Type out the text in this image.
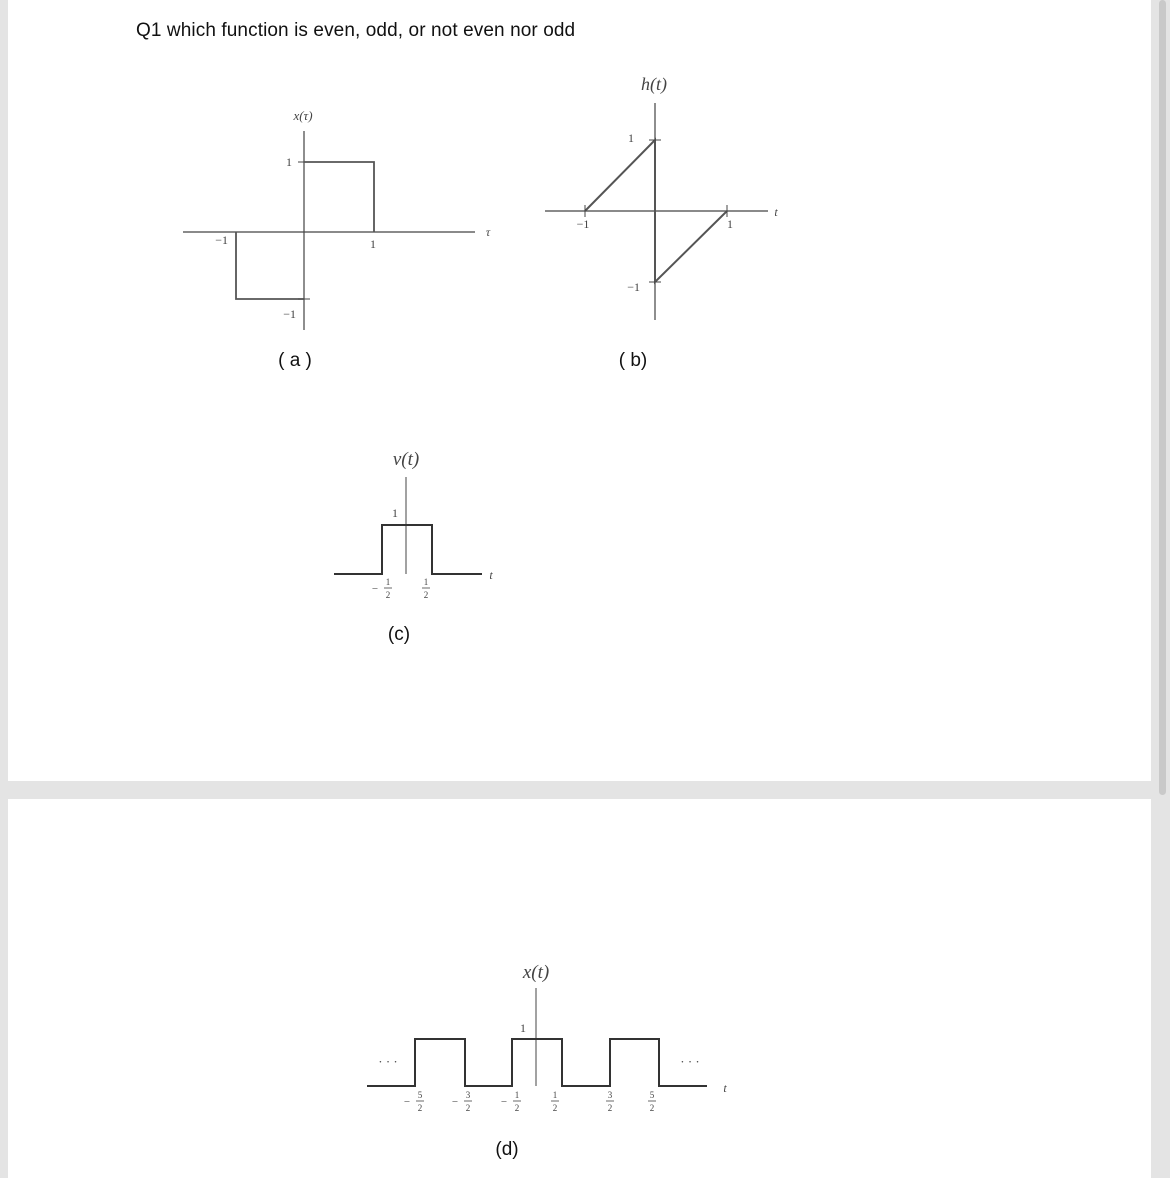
Q1 which function is even, odd, or not even nor odd
x(τ)
τ
1
−1
−1	1
( a )
h(t)
t
1
−1
−1	1
( b)
v(t)
t
1
−
1
2
1
2
(c)
· · ·	· · ·
x(t)
t
1
−
5
2	−
3
2	−
1
2
1
2
3
2
5
2
(d)
